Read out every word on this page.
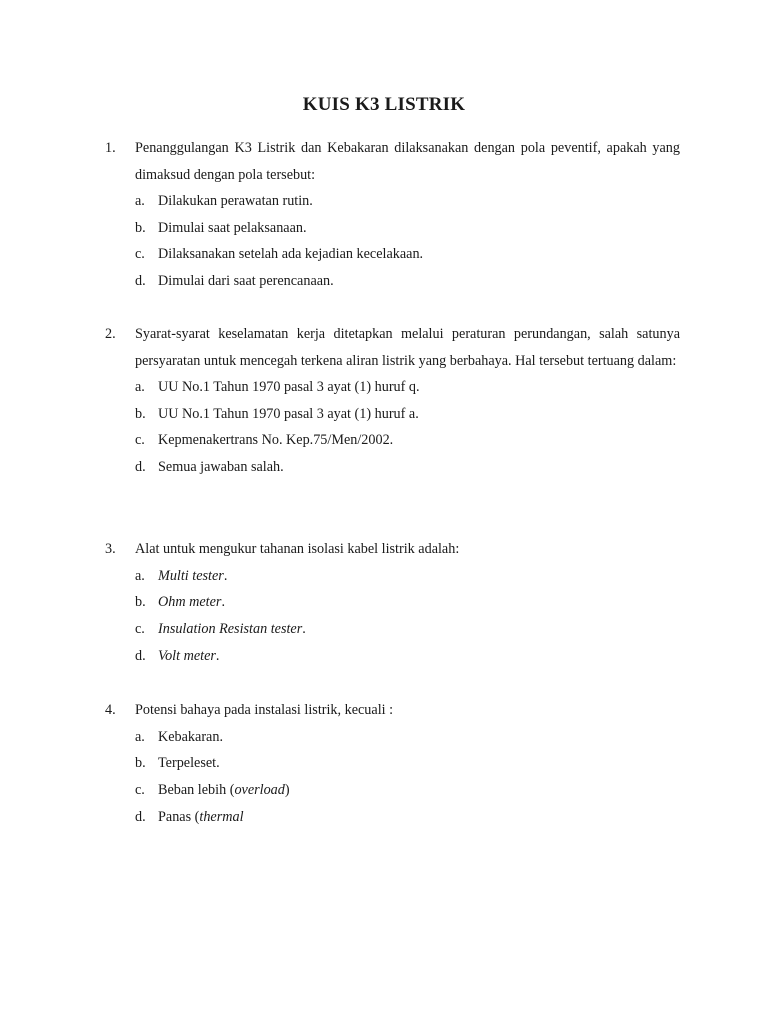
KUIS K3 LISTRIK
1. Penanggulangan K3 Listrik dan Kebakaran dilaksanakan dengan pola peventif, apakah yang dimaksud dengan pola tersebut:
a. Dilakukan perawatan rutin.
b. Dimulai saat pelaksanaan.
c. Dilaksanakan setelah ada kejadian kecelakaan.
d. Dimulai dari saat perencanaan.
2. Syarat-syarat keselamatan kerja ditetapkan melalui peraturan perundangan, salah satunya persyaratan untuk mencegah terkena aliran listrik yang berbahaya. Hal tersebut tertuang dalam:
a. UU No.1 Tahun 1970 pasal 3 ayat (1) huruf q.
b. UU No.1 Tahun 1970 pasal 3 ayat (1) huruf a.
c. Kepmenakertrans No. Kep.75/Men/2002.
d. Semua jawaban salah.
3. Alat untuk mengukur tahanan isolasi kabel listrik adalah:
a. Multi tester.
b. Ohm meter.
c. Insulation Resistan tester.
d. Volt meter.
4. Potensi bahaya pada instalasi listrik, kecuali :
a. Kebakaran.
b. Terpeleset.
c. Beban lebih (overload)
d. Panas (thermal
